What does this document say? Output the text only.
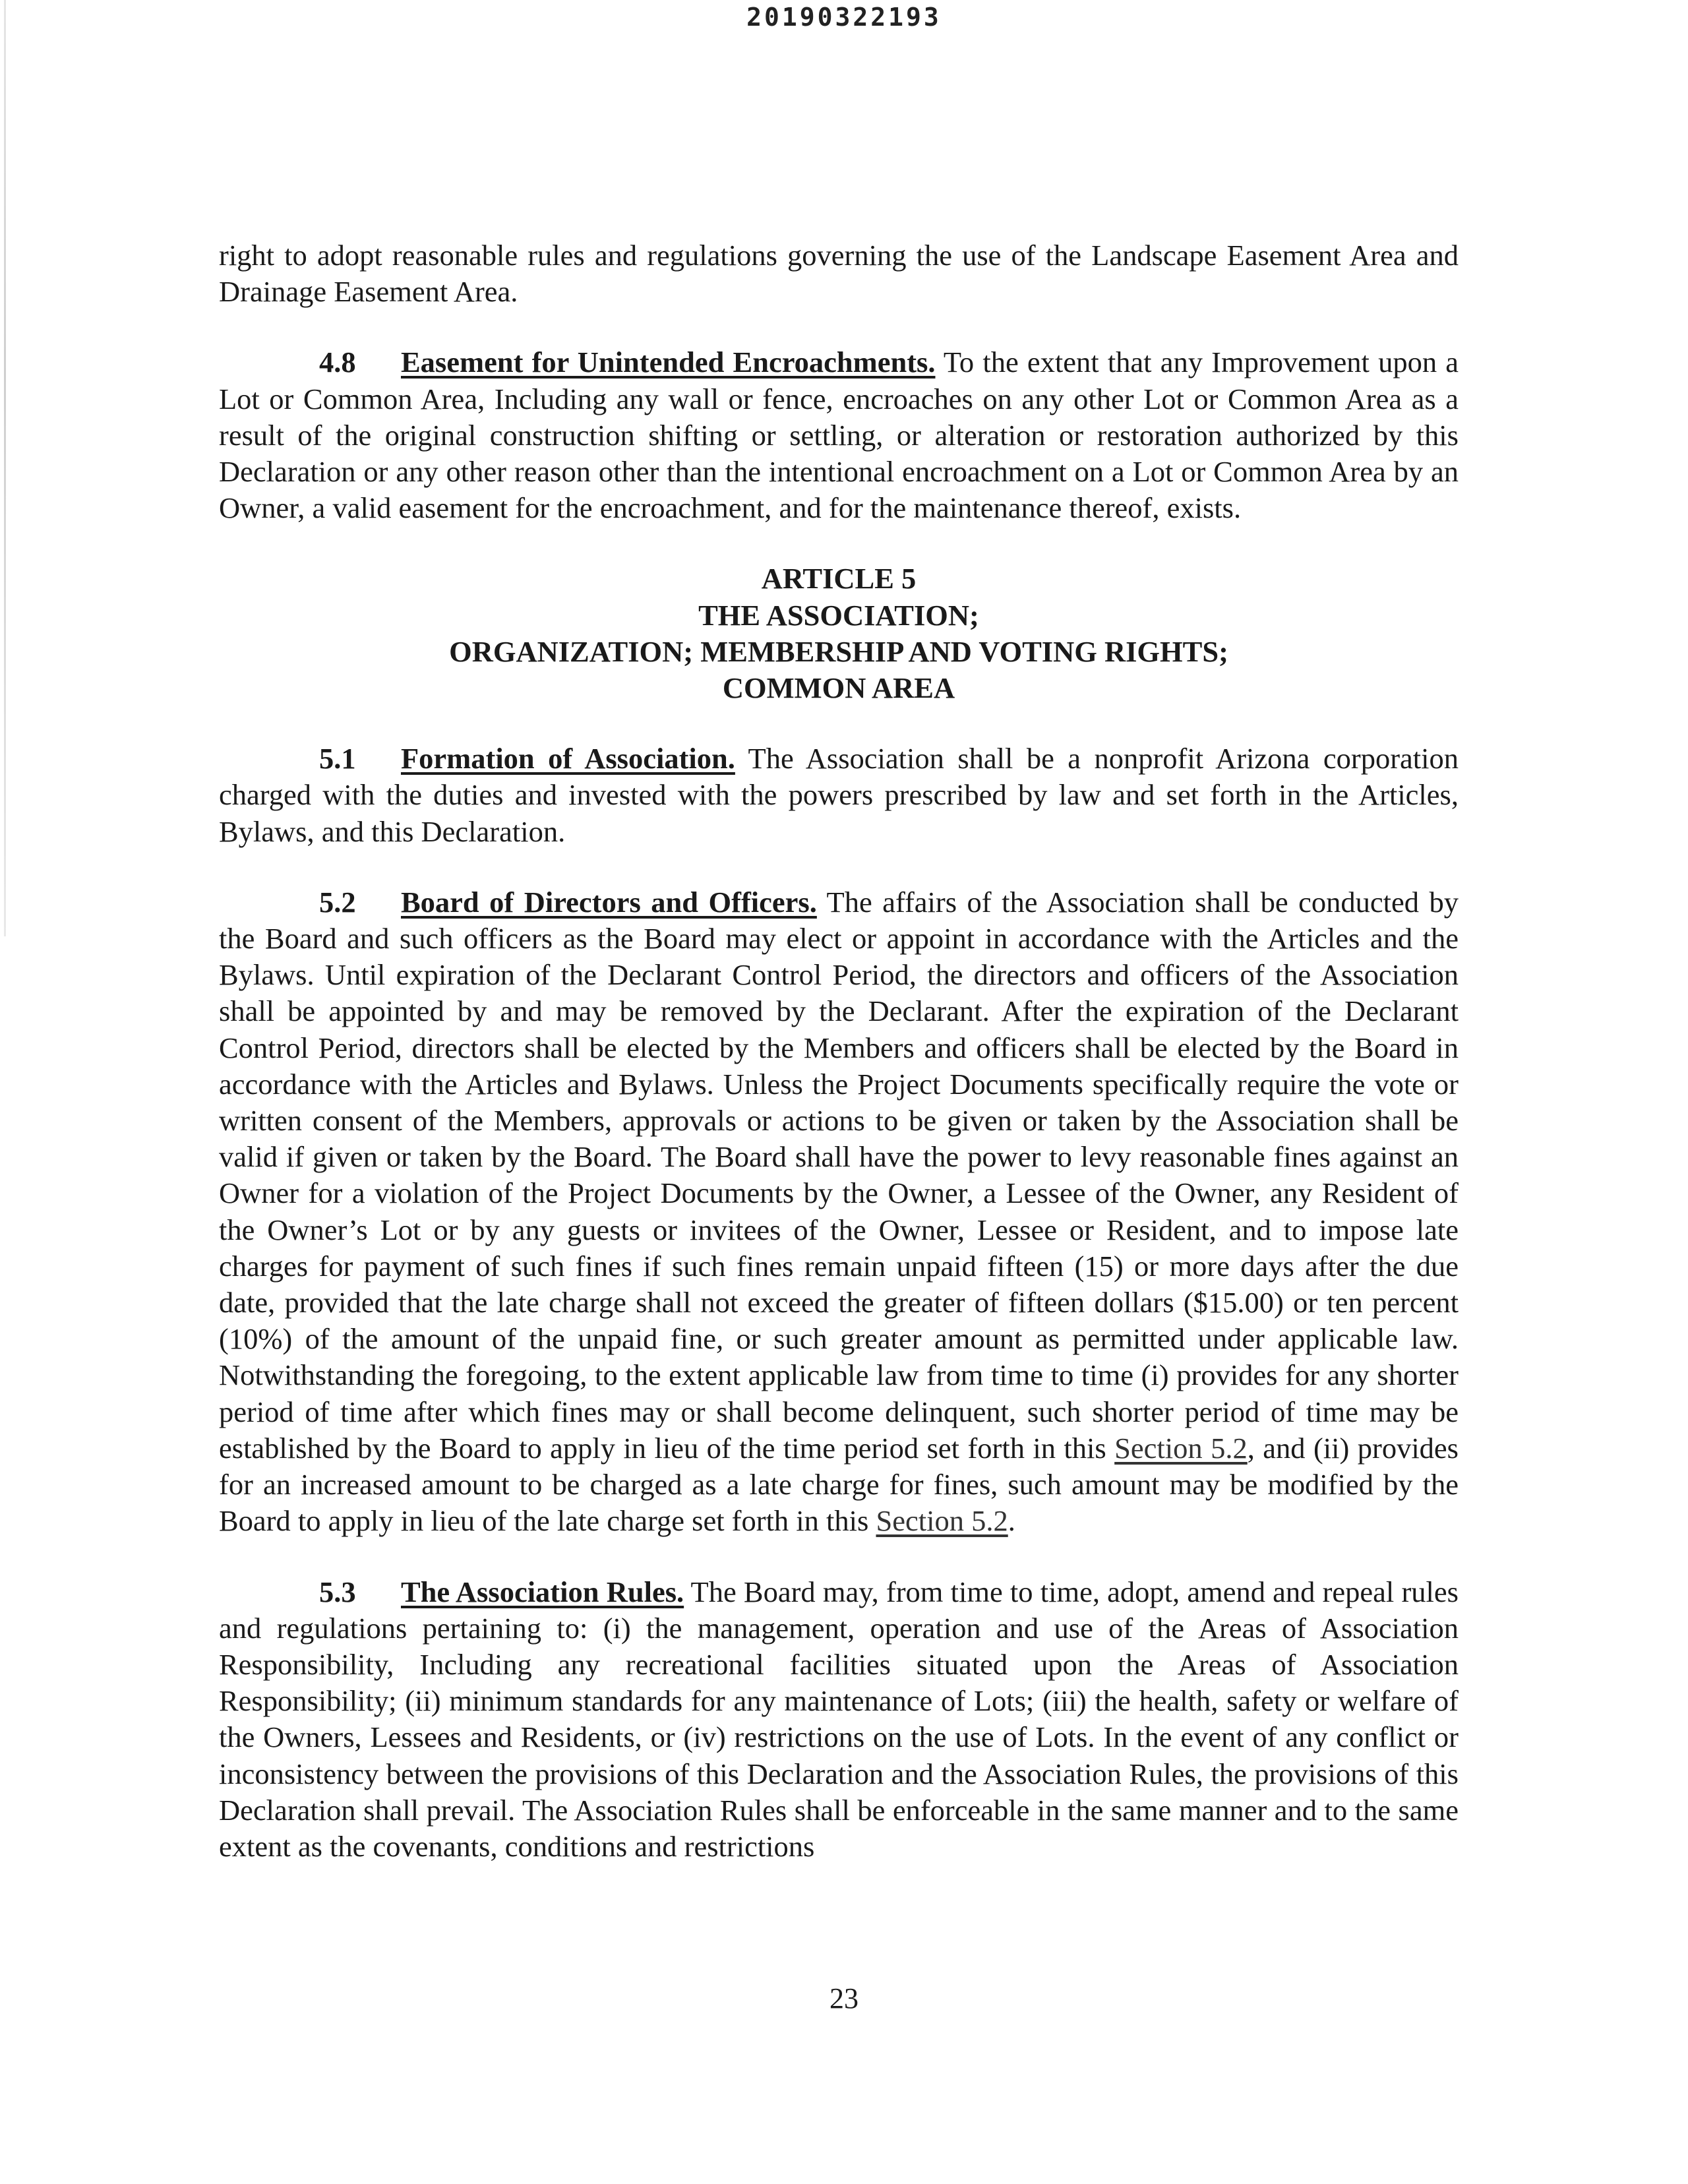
20190322193

right to adopt reasonable rules and regulations governing the use of the Landscape Easement Area and Drainage Easement Area.

4.8 Easement for Unintended Encroachments. To the extent that any Improvement upon a Lot or Common Area, Including any wall or fence, encroaches on any other Lot or Common Area as a result of the original construction shifting or settling, or alteration or restoration authorized by this Declaration or any other reason other than the intentional encroachment on a Lot or Common Area by an Owner, a valid easement for the encroachment, and for the maintenance thereof, exists.

ARTICLE 5
THE ASSOCIATION;
ORGANIZATION; MEMBERSHIP AND VOTING RIGHTS;
COMMON AREA

5.1 Formation of Association. The Association shall be a nonprofit Arizona corporation charged with the duties and invested with the powers prescribed by law and set forth in the Articles, Bylaws, and this Declaration.

5.2 Board of Directors and Officers. The affairs of the Association shall be conducted by the Board and such officers as the Board may elect or appoint in accordance with the Articles and the Bylaws. Until expiration of the Declarant Control Period, the directors and officers of the Association shall be appointed by and may be removed by the Declarant. After the expiration of the Declarant Control Period, directors shall be elected by the Members and officers shall be elected by the Board in accordance with the Articles and Bylaws. Unless the Project Documents specifically require the vote or written consent of the Members, approvals or actions to be given or taken by the Association shall be valid if given or taken by the Board. The Board shall have the power to levy reasonable fines against an Owner for a violation of the Project Documents by the Owner, a Lessee of the Owner, any Resident of the Owner’s Lot or by any guests or invitees of the Owner, Lessee or Resident, and to impose late charges for payment of such fines if such fines remain unpaid fifteen (15) or more days after the due date, provided that the late charge shall not exceed the greater of fifteen dollars ($15.00) or ten percent (10%) of the amount of the unpaid fine, or such greater amount as permitted under applicable law. Notwithstanding the foregoing, to the extent applicable law from time to time (i) provides for any shorter period of time after which fines may or shall become delinquent, such shorter period of time may be established by the Board to apply in lieu of the time period set forth in this Section 5.2, and (ii) provides for an increased amount to be charged as a late charge for fines, such amount may be modified by the Board to apply in lieu of the late charge set forth in this Section 5.2.

5.3 The Association Rules. The Board may, from time to time, adopt, amend and repeal rules and regulations pertaining to: (i) the management, operation and use of the Areas of Association Responsibility, Including any recreational facilities situated upon the Areas of Association Responsibility; (ii) minimum standards for any maintenance of Lots; (iii) the health, safety or welfare of the Owners, Lessees and Residents, or (iv) restrictions on the use of Lots. In the event of any conflict or inconsistency between the provisions of this Declaration and the Association Rules, the provisions of this Declaration shall prevail. The Association Rules shall be enforceable in the same manner and to the same extent as the covenants, conditions and restrictions

23
